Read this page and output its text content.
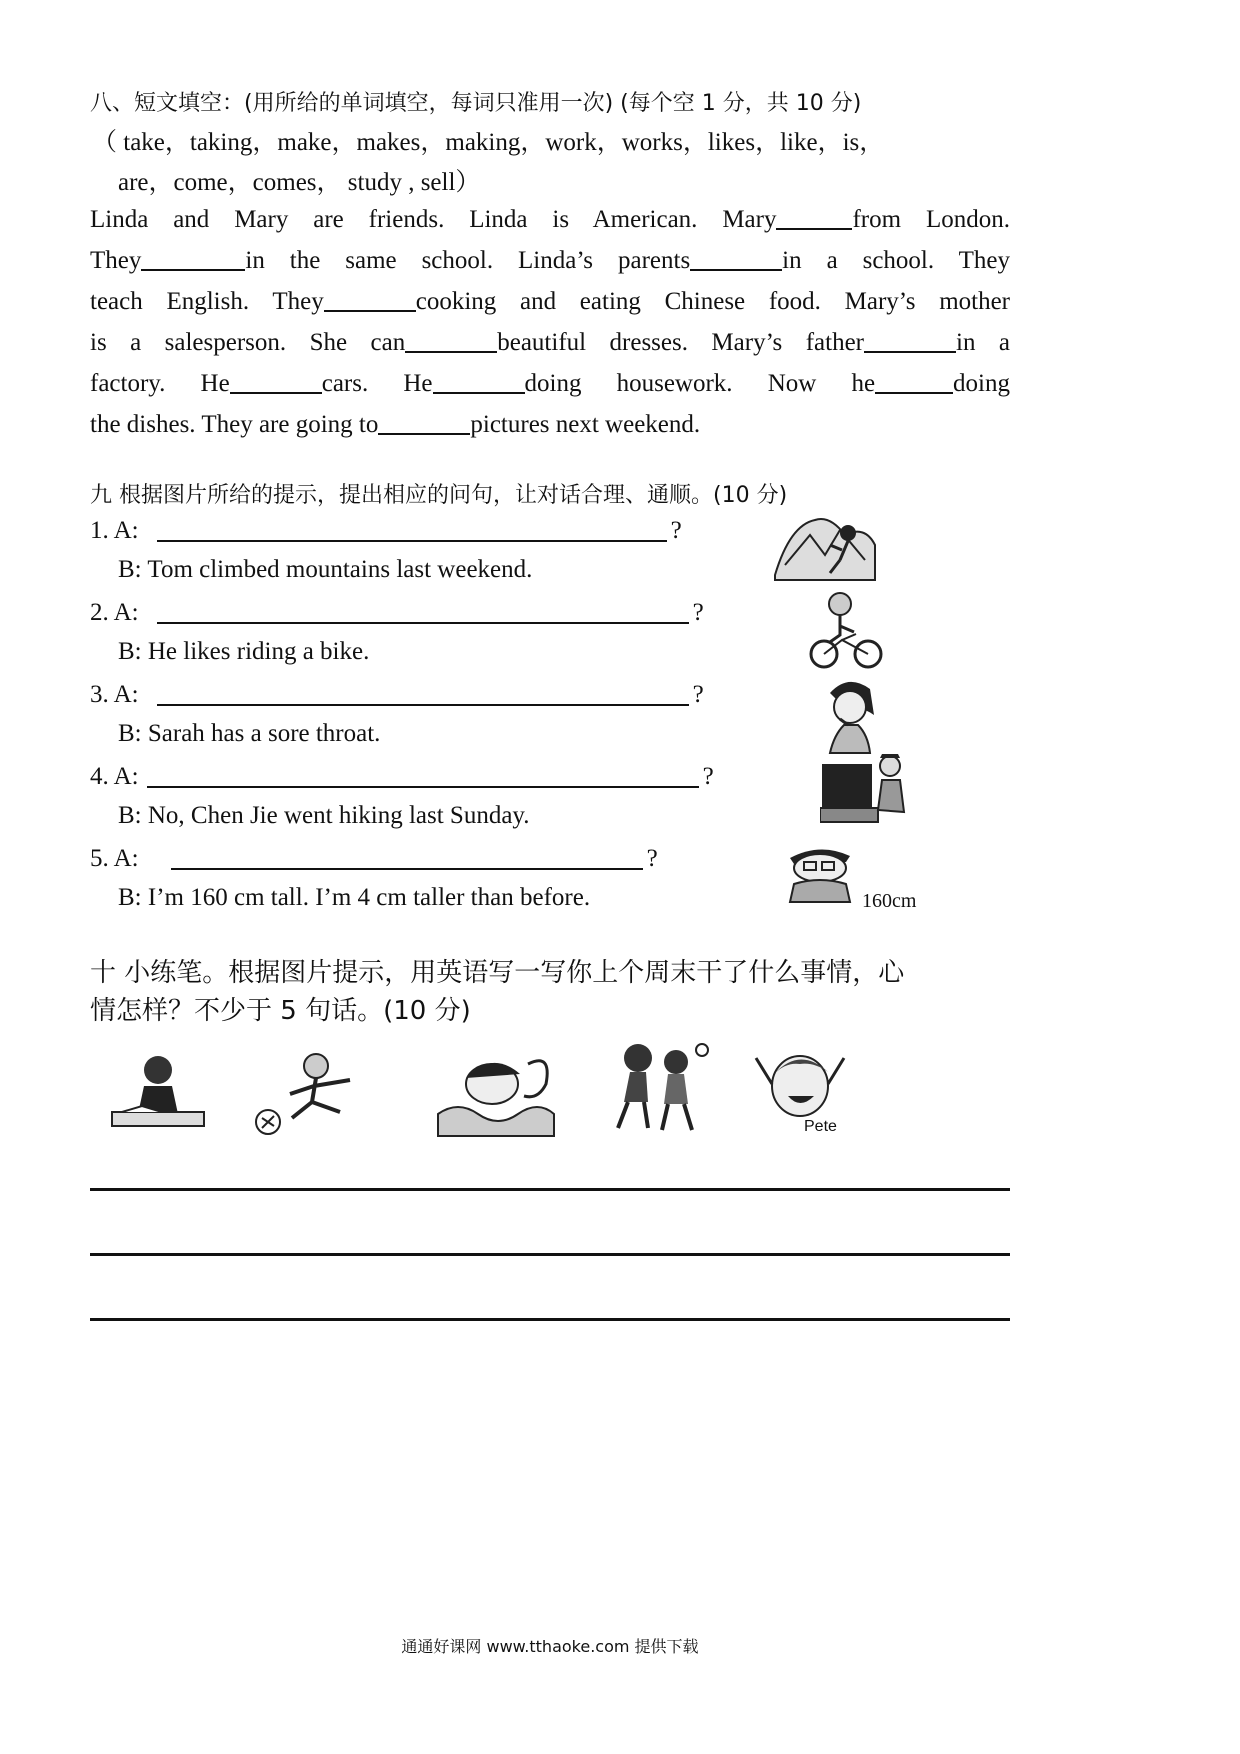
八、短文填空：(用所给的单词填空，每词只准用一次) (每个空 1 分，共 10 分)
（ take，taking，make，makes，making，work，works，likes，like，is，
are，come，comes， study , sell）
Linda and Mary are friends. Linda is American. Mary	from London.
They	in the same school. Linda’s parents	in a school. They
teach English. They	cooking and eating Chinese food. Mary’s mother
is a salesperson. She can	beautiful dresses. Mary’s father	in a
factory. He	cars. He	doing housework. Now he	doing
the dishes. They are going to	pictures next weekend.
九 根据图片所给的提示，提出相应的问句，让对话合理、通顺。(10 分)
1. A:	?
B: Tom climbed mountains last weekend.
2. A:	?
B: He likes riding a bike.
3. A:	?
B: Sarah has a sore throat.
4. A:	?
B: No, Chen Jie went hiking last Sunday.
5. A:	?
B: I’m 160 cm tall. I’m 4 cm taller than before.	160cm
十 小练笔。根据图片提示，用英语写一写你上个周末干了什么事情，心
情怎样？不少于 5 句话。(10 分)
Pete
通通好课网 www.tthaoke.com 提供下载
